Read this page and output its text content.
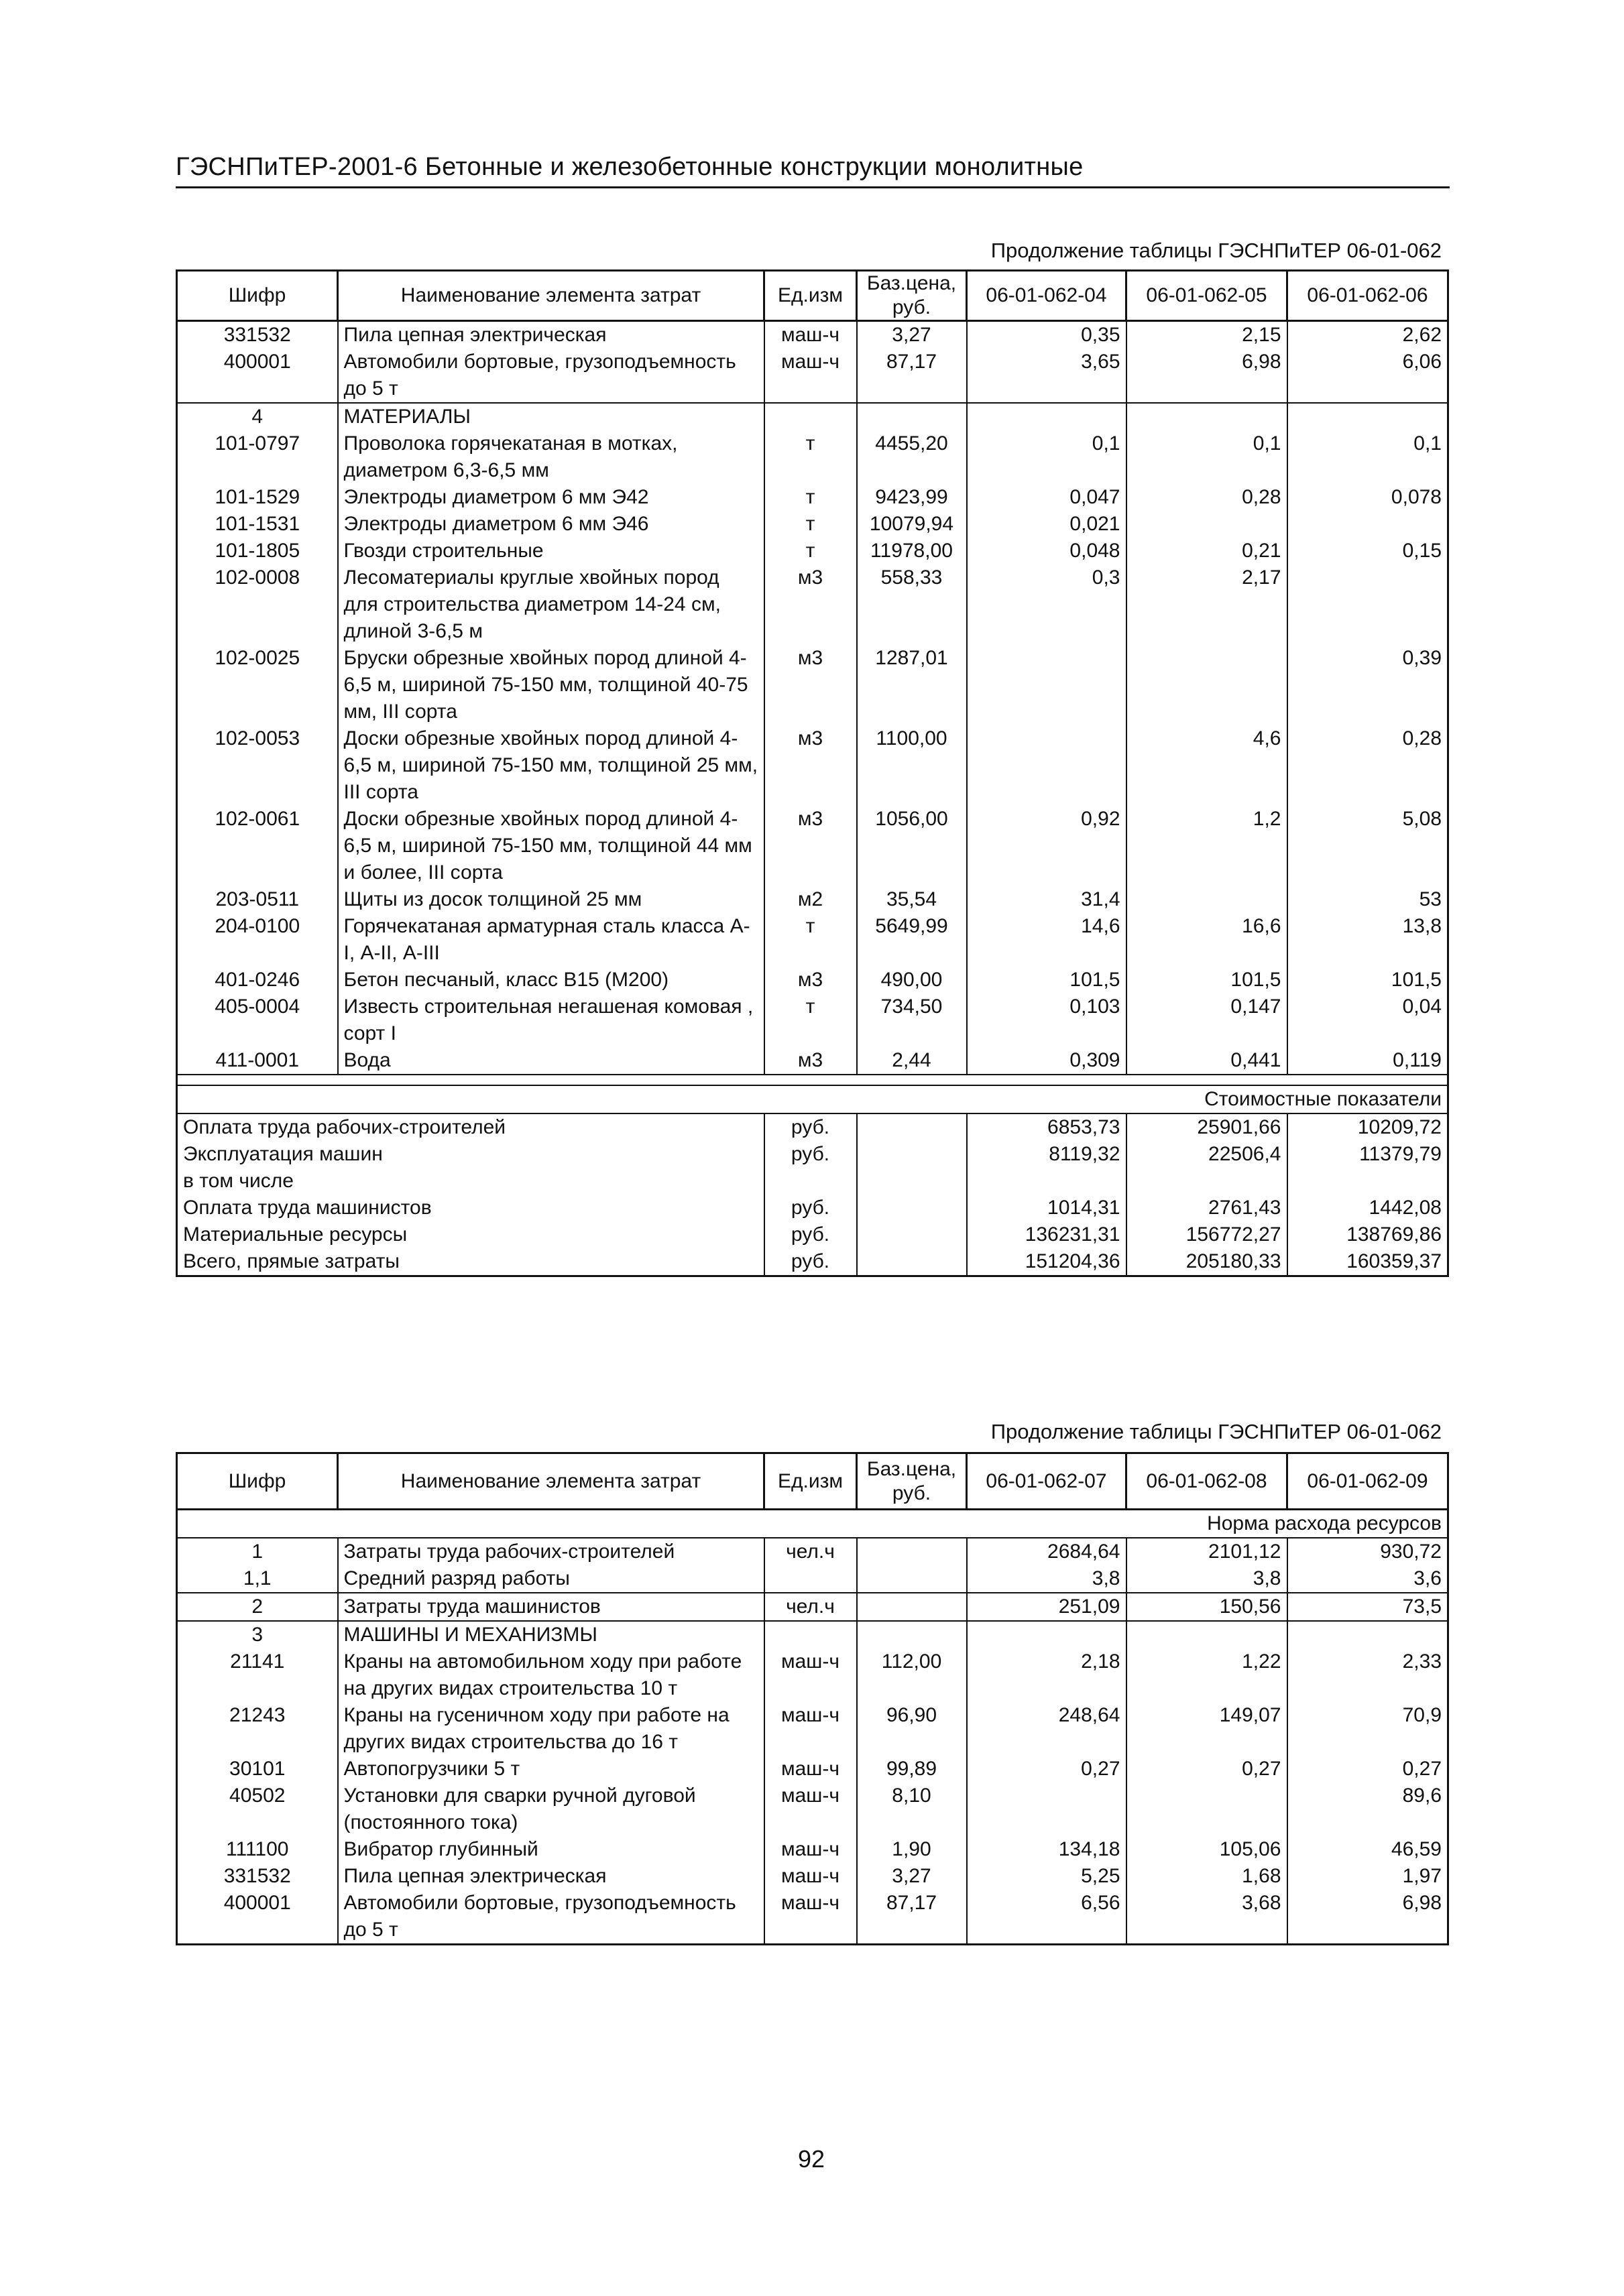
ГЭСНПиТЕР-2001-6 Бетонные и железобетонные конструкции монолитные
Продолжение таблицы ГЭСНПиТЕР 06-01-062
Шифр	Наименование элемента затрат	Ед.изм	Баз.цена, руб.	06-01-062-04	06-01-062-05	06-01-062-06
331532	Пила цепная электрическая	маш-ч	3,27	0,35	2,15	2,62
400001	Автомобили бортовые, грузоподъемность до 5 т	маш-ч	87,17	3,65	6,98	6,06
4	МАТЕРИАЛЫ					
101-0797	Проволока горячекатаная в мотках, диаметром 6,3-6,5 мм	т	4455,20	0,1	0,1	0,1
101-1529	Электроды диаметром 6 мм Э42	т	9423,99	0,047	0,28	0,078
101-1531	Электроды диаметром 6 мм Э46	т	10079,94	0,021		
101-1805	Гвозди строительные	т	11978,00	0,048	0,21	0,15
102-0008	Лесоматериалы круглые хвойных пород для строительства диаметром 14-24 см, длиной 3-6,5 м	м3	558,33	0,3	2,17	
102-0025	Бруски обрезные хвойных пород длиной 4-6,5 м, шириной 75-150 мм, толщиной 40-75 мм, III сорта	м3	1287,01			0,39
102-0053	Доски обрезные хвойных пород длиной 4-6,5 м, шириной 75-150 мм, толщиной 25 мм, III сорта	м3	1100,00		4,6	0,28
102-0061	Доски обрезные хвойных пород длиной 4-6,5 м, шириной 75-150 мм, толщиной 44 мм и более, III сорта	м3	1056,00	0,92	1,2	5,08
203-0511	Щиты из досок толщиной 25 мм	м2	35,54	31,4		53
204-0100	Горячекатаная арматурная сталь класса А-I, А-II, А-III	т	5649,99	14,6	16,6	13,8
401-0246	Бетон песчаный, класс В15 (М200)	м3	490,00	101,5	101,5	101,5
405-0004	Известь строительная негашеная комовая , сорт I	т	734,50	0,103	0,147	0,04
411-0001	Вода	м3	2,44	0,309	0,441	0,119

Стоимостные показатели						
Оплата труда рабочих-строителей		руб.		6853,73	25901,66	10209,72
Эксплуатация машин		руб.		8119,32	22506,4	11379,79
в том числе						
Оплата труда машинистов		руб.		1014,31	2761,43	1442,08
Материальные ресурсы		руб.		136231,31	156772,27	138769,86
Всего, прямые затраты		руб.		151204,36	205180,33	160359,37
Продолжение таблицы ГЭСНПиТЕР 06-01-062
Шифр	Наименование элемента затрат	Ед.изм	Баз.цена, руб.	06-01-062-07	06-01-062-08	06-01-062-09
Норма расхода ресурсов						
1	Затраты труда рабочих-строителей	чел.ч		2684,64	2101,12	930,72
1,1	Средний разряд работы			3,8	3,8	3,6
2	Затраты труда машинистов	чел.ч		251,09	150,56	73,5
3	МАШИНЫ И МЕХАНИЗМЫ					
21141	Краны на автомобильном ходу при работе на других видах строительства 10 т	маш-ч	112,00	2,18	1,22	2,33
21243	Краны на гусеничном ходу при работе на других видах строительства до 16 т	маш-ч	96,90	248,64	149,07	70,9
30101	Автопогрузчики 5 т	маш-ч	99,89	0,27	0,27	0,27
40502	Установки для сварки ручной дуговой (постоянного тока)	маш-ч	8,10			89,6
111100	Вибратор глубинный	маш-ч	1,90	134,18	105,06	46,59
331532	Пила цепная электрическая	маш-ч	3,27	5,25	1,68	1,97
400001	Автомобили бортовые, грузоподъемность до 5 т	маш-ч	87,17	6,56	3,68	6,98
92
